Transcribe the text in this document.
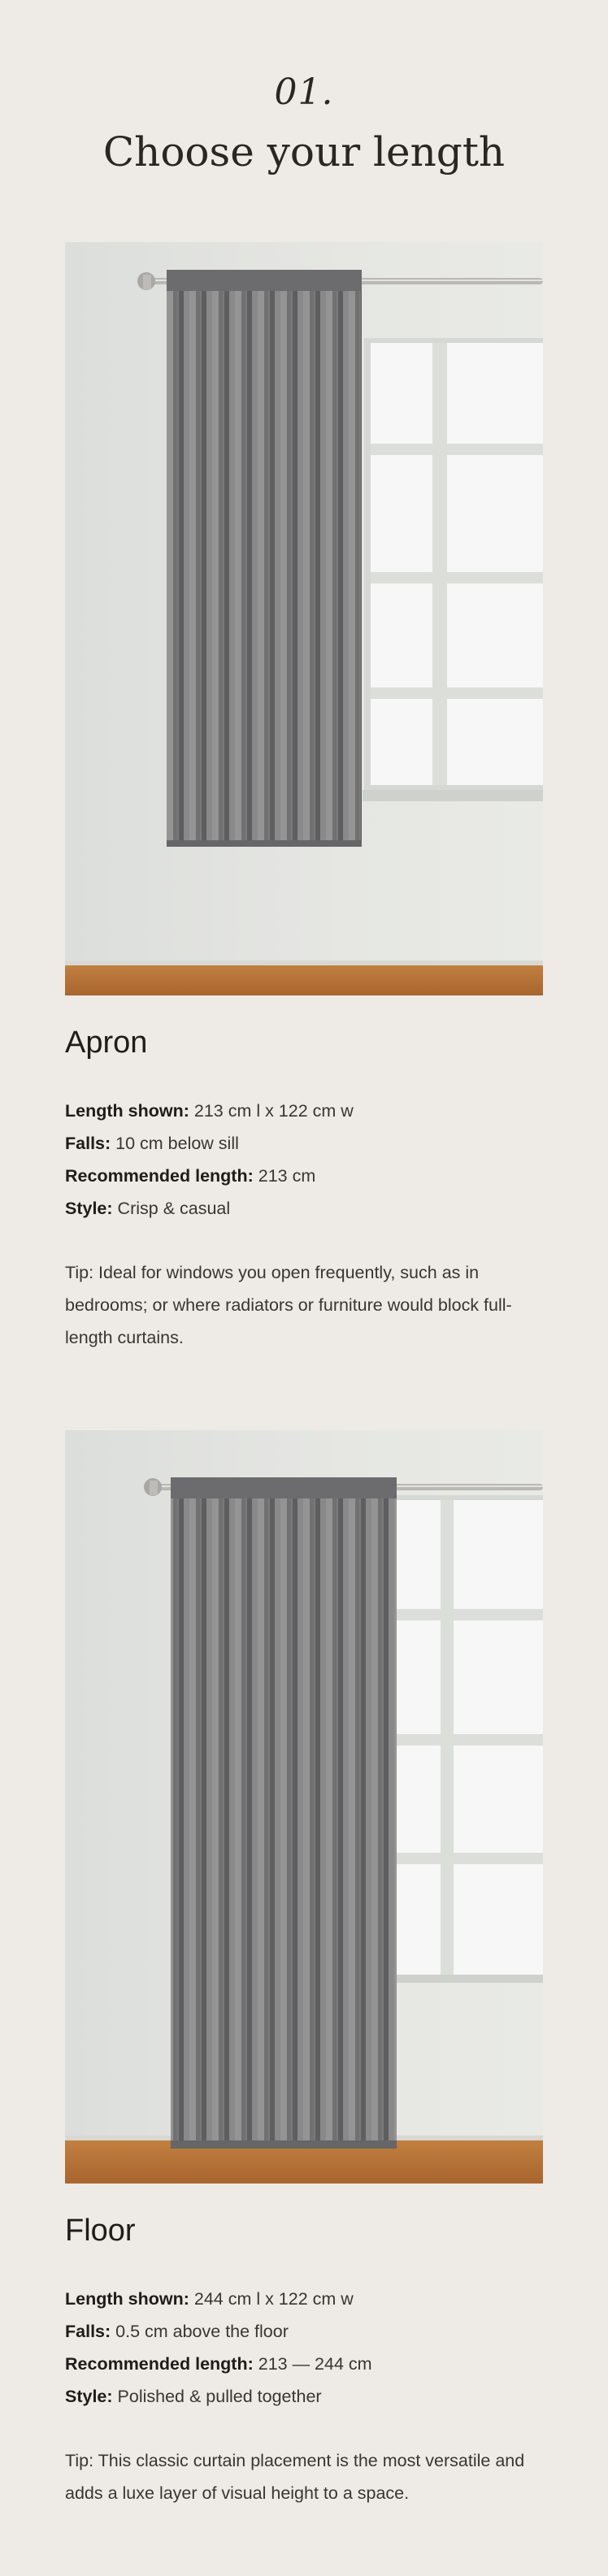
01.
Choose your length
Apron
Length shown: 213 cm l x 122 cm w
Falls: 10 cm below sill
Recommended length: 213 cm
Style: Crisp & casual

Tip: Ideal for windows you open frequently, such as in bedrooms; or where radiators or furniture would block full-length curtains.

Floor
Length shown: 244 cm l x 122 cm w
Falls: 0.5 cm above the floor
Recommended length: 213 — 244 cm
Style: Polished & pulled together

Tip: This classic curtain placement is the most versatile and adds a luxe layer of visual height to a space.
